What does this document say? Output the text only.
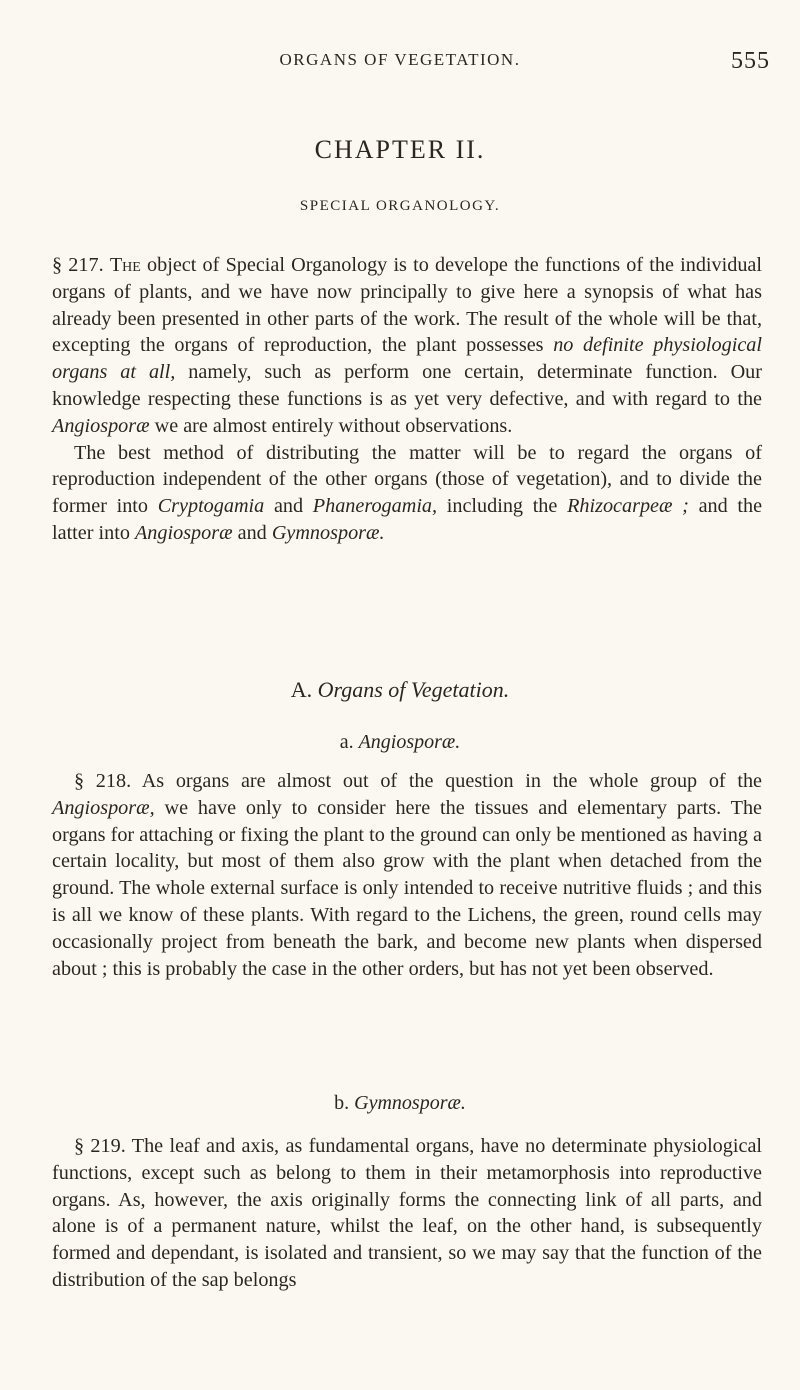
ORGANS OF VEGETATION.	555
CHAPTER II.
SPECIAL ORGANOLOGY.

§ 217. The object of Special Organology is to develope the functions of the individual organs of plants, and we have now principally to give here a synopsis of what has already been presented in other parts of the work. The result of the whole will be that, excepting the organs of reproduction, the plant possesses no definite physiological organs at all, namely, such as perform one certain, determinate function. Our knowledge respecting these functions is as yet very defective, and with regard to the Angiosporæ we are almost entirely without observations.

The best method of distributing the matter will be to regard the organs of reproduction independent of the other organs (those of vegetation), and to divide the former into Cryptogamia and Phanerogamia, including the Rhizocarpeæ ; and the latter into Angiosporæ and Gymnosporæ.

A. Organs of Vegetation.
a. Angiosporæ.

§ 218. As organs are almost out of the question in the whole group of the Angiosporæ, we have only to consider here the tissues and elementary parts. The organs for attaching or fixing the plant to the ground can only be mentioned as having a certain locality, but most of them also grow with the plant when detached from the ground. The whole external surface is only intended to receive nutritive fluids ; and this is all we know of these plants. With regard to the Lichens, the green, round cells may occasionally project from beneath the bark, and become new plants when dispersed about ; this is probably the case in the other orders, but has not yet been observed.

b. Gymnosporæ.

§ 219. The leaf and axis, as fundamental organs, have no determinate physiological functions, except such as belong to them in their metamorphosis into reproductive organs. As, however, the axis originally forms the connecting link of all parts, and alone is of a permanent nature, whilst the leaf, on the other hand, is subsequently formed and dependant, is isolated and transient, so we may say that the function of the distribution of the sap belongs
